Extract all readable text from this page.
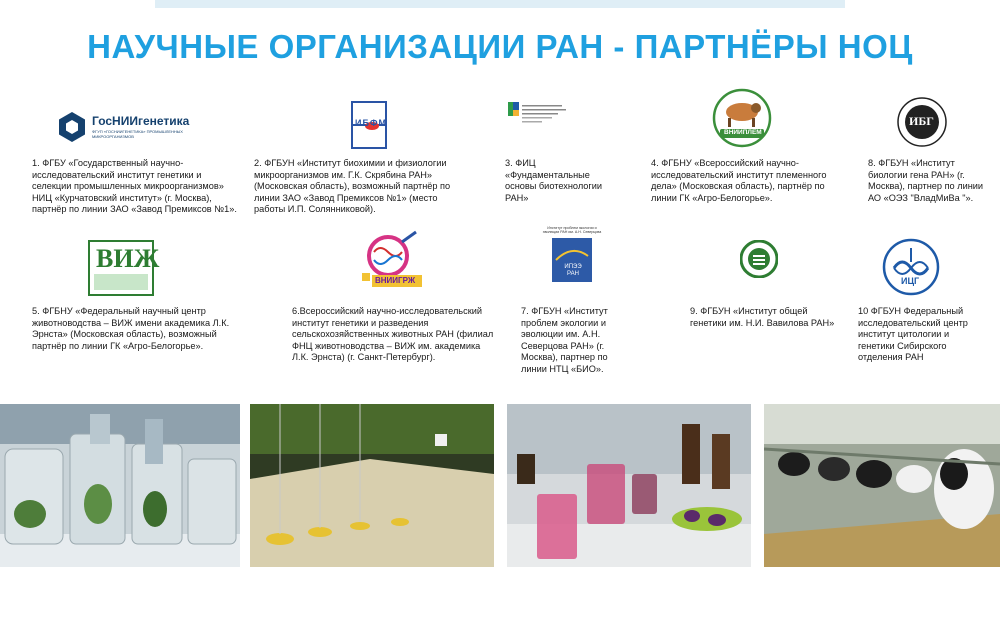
НАУЧНЫЕ ОРГАНИЗАЦИИ РАН - ПАРТНЁРЫ НОЦ
ГосНИИгенетика
ФГУП «ГОСНИИГЕНЕТИКА» ПРОМЫШЛЕННЫХ МИКРООРГАНИЗМОВ
ИБФМ
ВНИИПЛЕМ
ИБГ
1. ФГБУ «Государственный научно-исследовательский институт генетики и селекции промышленных микроорганизмов» НИЦ «Курчатовский институт» (г. Москва), партнёр по линии ЗАО «Завод Премиксов №1».
2. ФГБУН «Институт биохимии и физиологии микроорганизмов им. Г.К. Скрябина РАН» (Московская область), возможный партнёр по линии ЗАО «Завод Премиксов №1» (место работы И.П. Солянниковой).
3. ФИЦ «Фундаментальные основы биотехнологии РАН»
4. ФГБНУ «Всероссийский научно-исследовательский институт племенного дела» (Московская область), партнёр по линии ГК «Агро-Белогорье».
8. ФГБУН «Институт биологии гена РАН» (г. Москва), партнер по линии АО «ОЭЗ "ВладМиВа "».
ВИЖ
ВНИИГРЖ
Институт проблем экологии и эволюции РАН им. А.Н. Северцова
ИПЭЭ РАН
ИЦГ
5. ФГБНУ «Федеральный научный центр животноводства – ВИЖ имени академика Л.К. Эрнста» (Московская область), возможный партнёр по линии ГК «Агро-Белогорье».
6.Всероссийский научно-исследовательский институт генетики и разведения сельскохозяйственных животных РАН (филиал ФНЦ животноводства – ВИЖ им. академика Л.К. Эрнста) (г. Санкт-Петербург).
7. ФГБУН «Институт проблем экологии и эволюции им. А.Н. Северцова РАН» (г. Москва), партнер по линии НТЦ «БИО».
9. ФГБУН «Институт общей генетики им. Н.И. Вавилова РАН»
10 ФГБУН Федеральный исследовательский центр институт цитологии и генетики Сибирского отделения РАН
